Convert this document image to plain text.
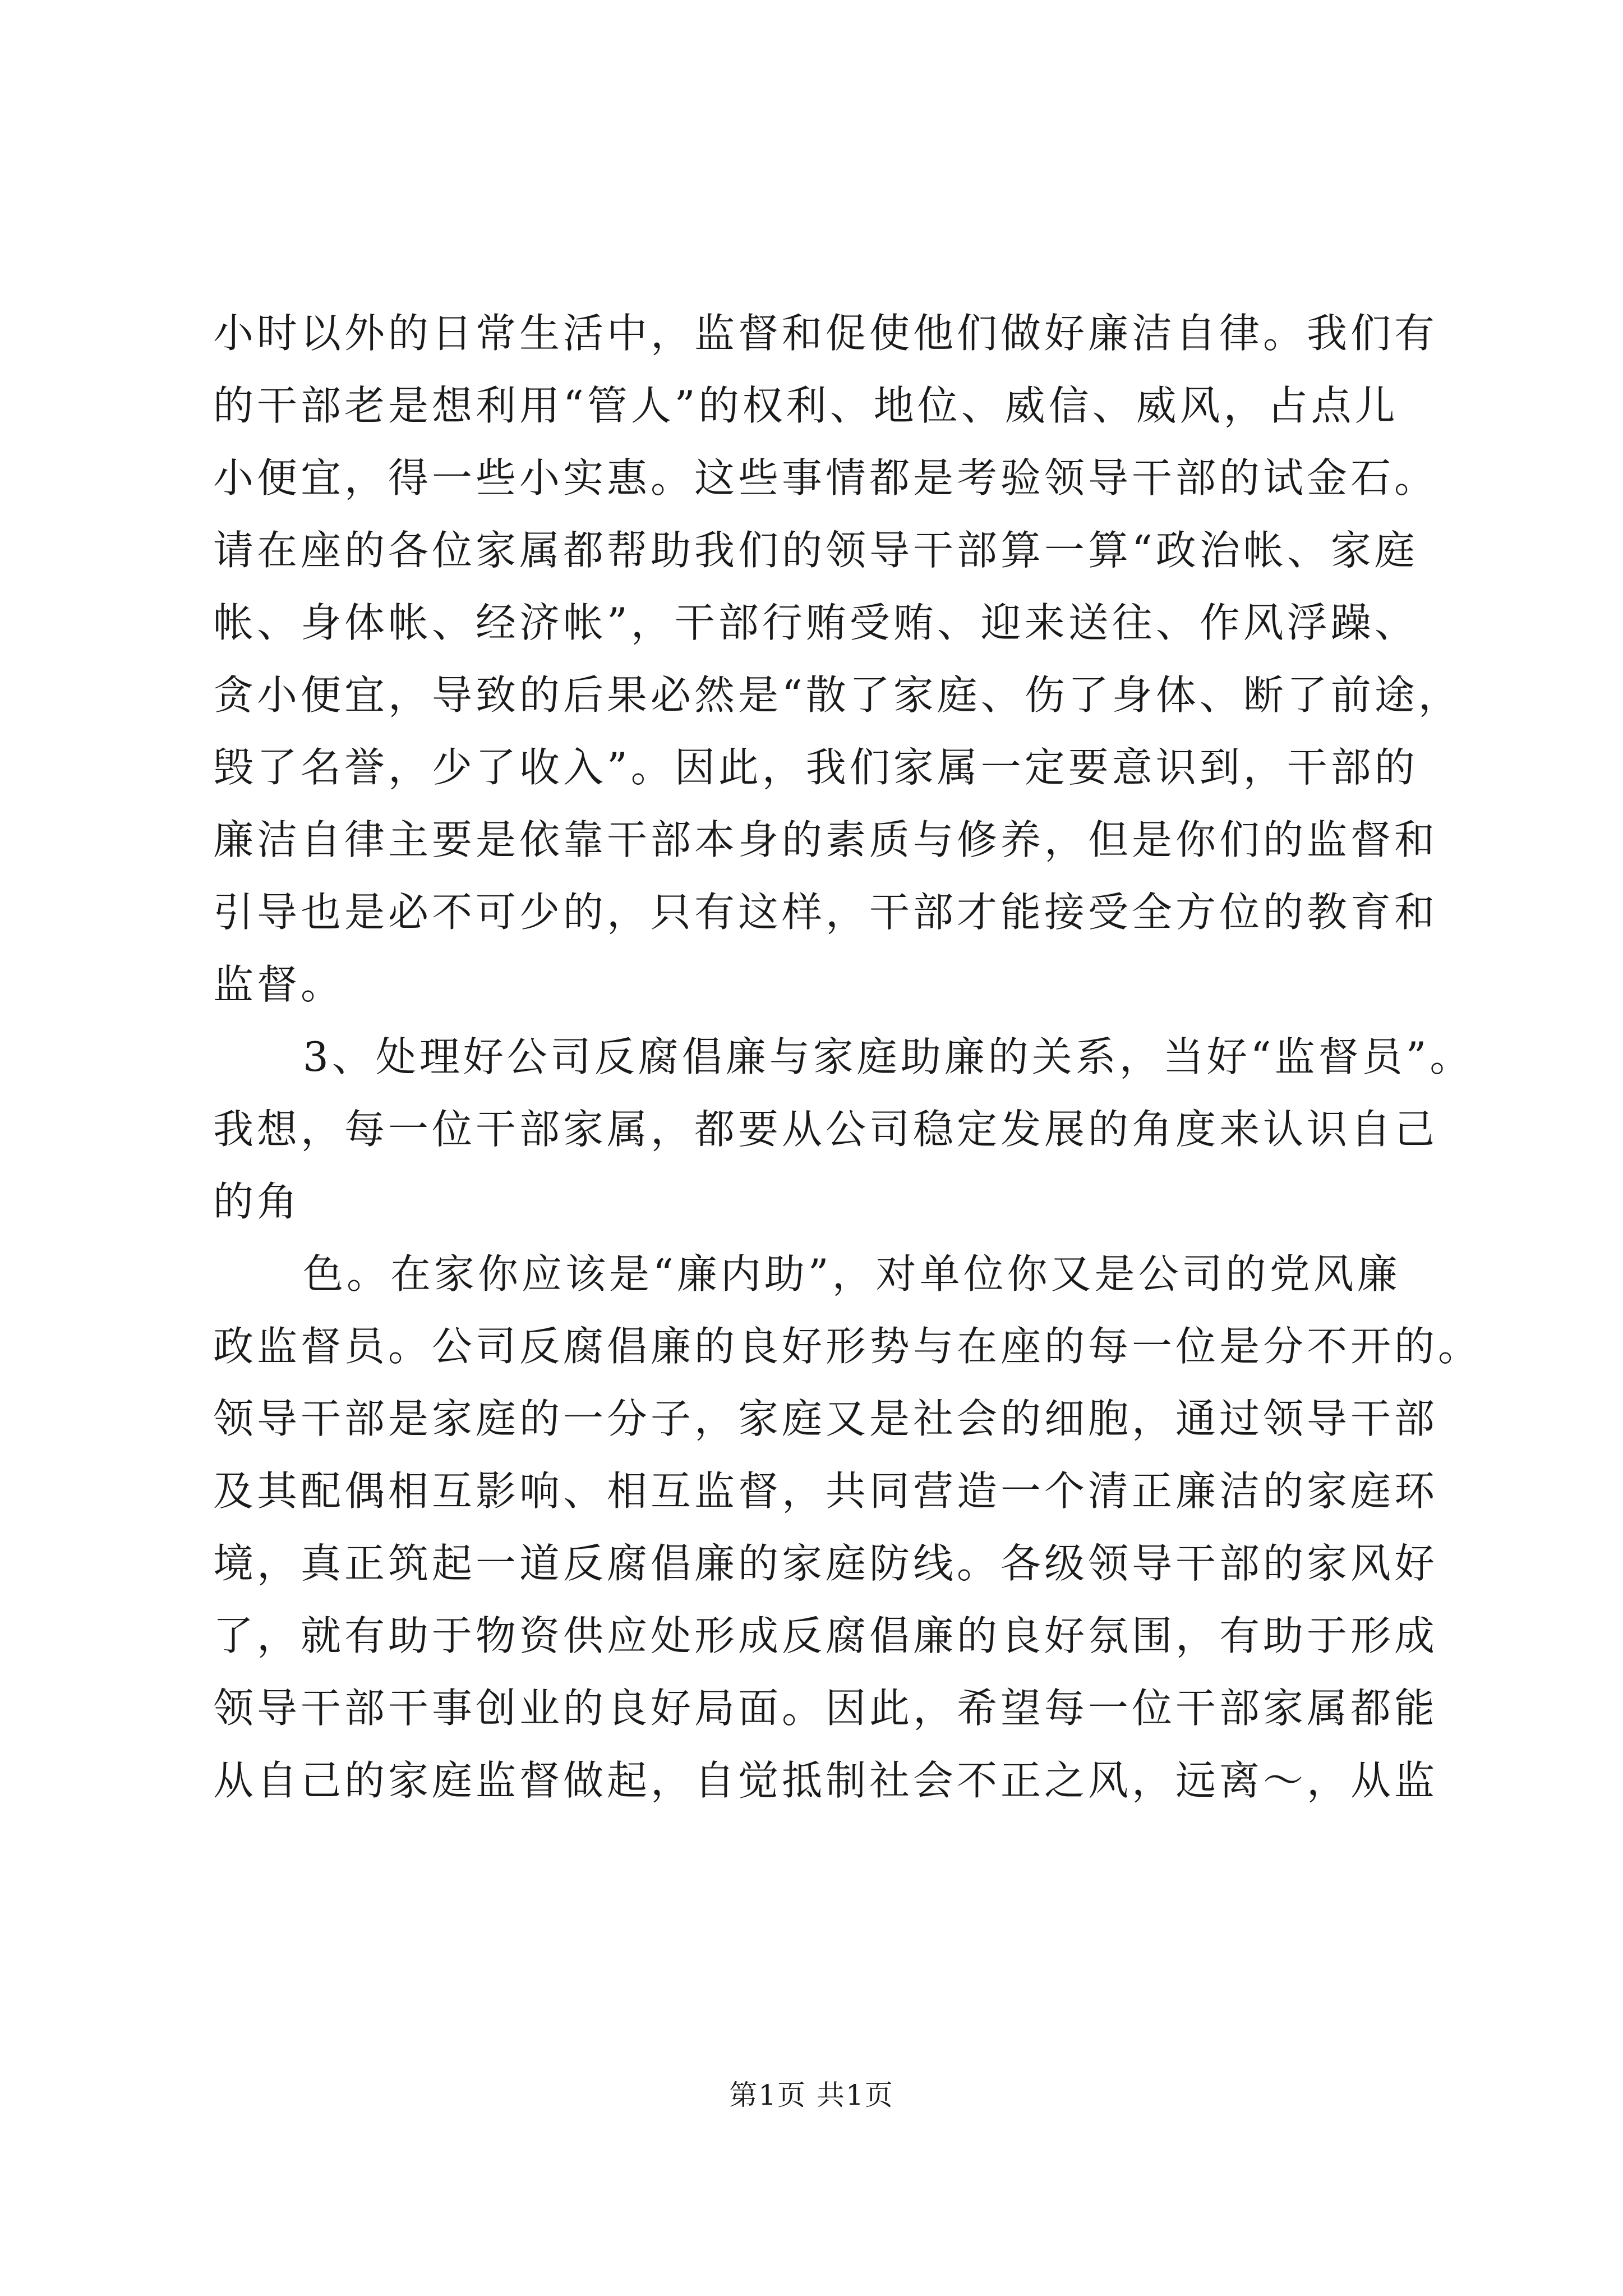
小时以外的日常生活中，监督和促使他们做好廉洁自律。我们有
的干部老是想利用“管人”的权利、地位、威信、威风，占点儿
小便宜，得一些小实惠。这些事情都是考验领导干部的试金石。
请在座的各位家属都帮助我们的领导干部算一算“政治帐、家庭
帐、身体帐、经济帐”，干部行贿受贿、迎来送往、作风浮躁、
贪小便宜，导致的后果必然是“散了家庭、伤了身体、断了前途，
毁了名誉，少了收入”。因此，我们家属一定要意识到，干部的
廉洁自律主要是依靠干部本身的素质与修养，但是你们的监督和
引导也是必不可少的，只有这样，干部才能接受全方位的教育和
监督。
3、处理好公司反腐倡廉与家庭助廉的关系，当好“监督员”。
我想，每一位干部家属，都要从公司稳定发展的角度来认识自己
的角
色。在家你应该是“廉内助”，对单位你又是公司的党风廉
政监督员。公司反腐倡廉的良好形势与在座的每一位是分不开的。
领导干部是家庭的一分子，家庭又是社会的细胞，通过领导干部
及其配偶相互影响、相互监督，共同营造一个清正廉洁的家庭环
境，真正筑起一道反腐倡廉的家庭防线。各级领导干部的家风好
了，就有助于物资供应处形成反腐倡廉的良好氛围，有助于形成
领导干部干事创业的良好局面。因此，希望每一位干部家属都能
从自己的家庭监督做起，自觉抵制社会不正之风，远离～，从监
第1页 共1页
